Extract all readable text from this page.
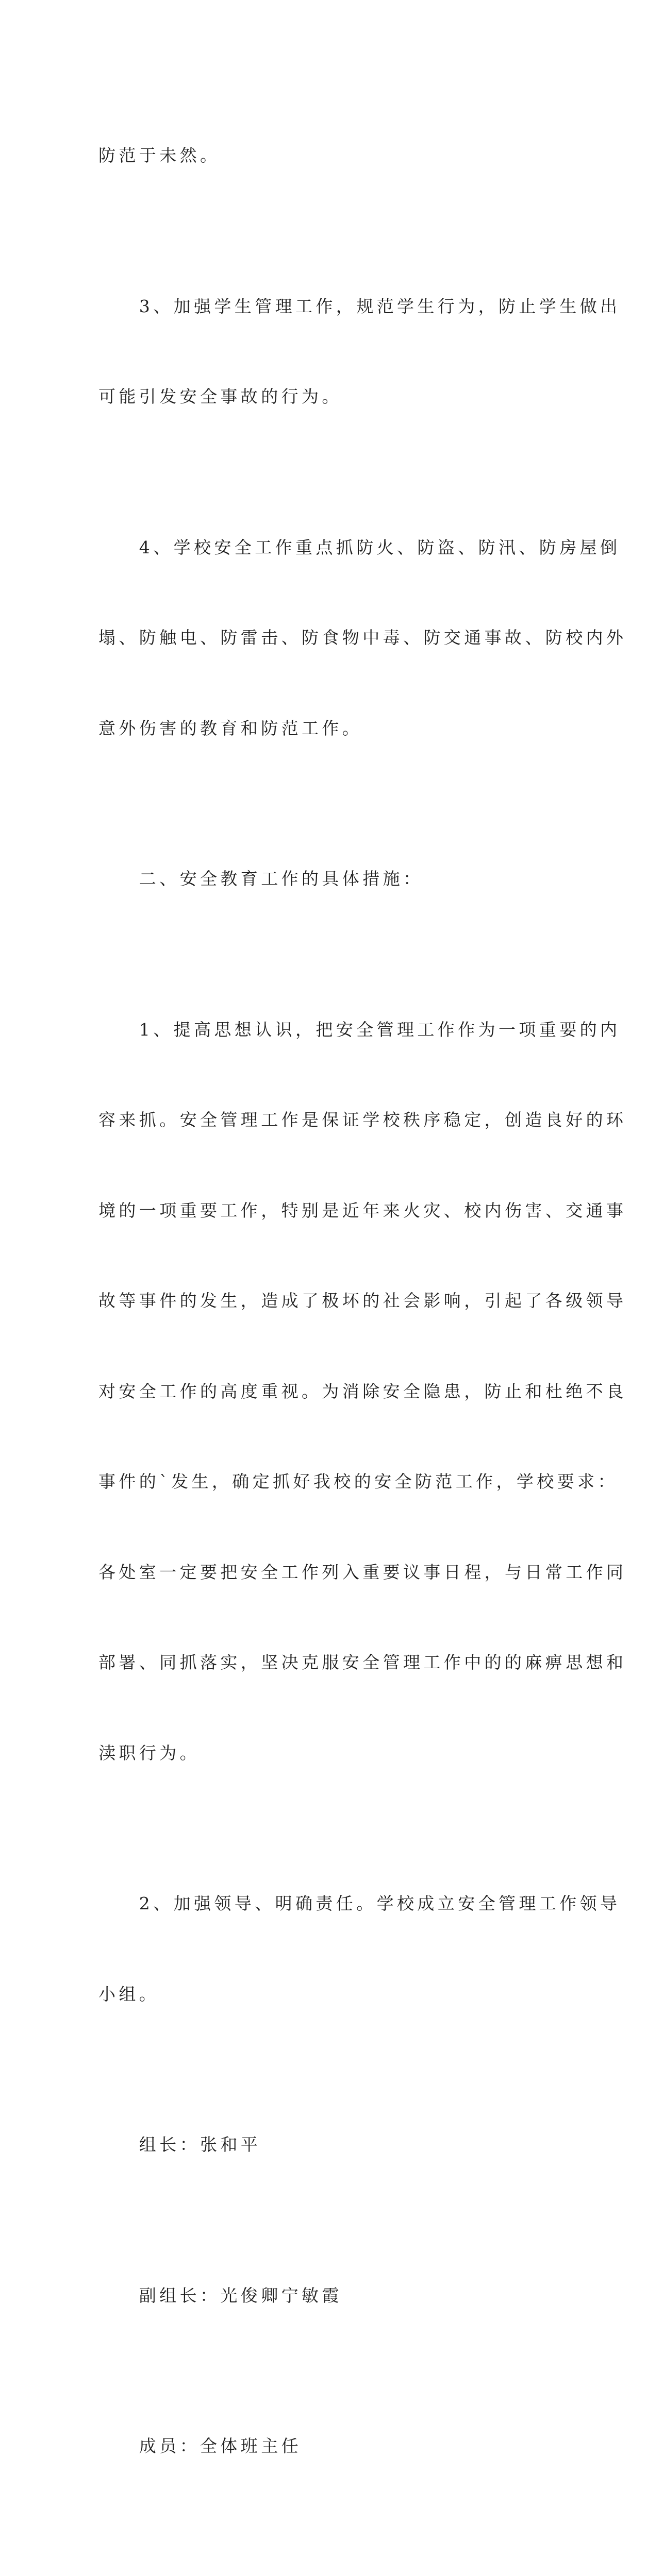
防范于未然。

　　3、加强学生管理工作，规范学生行为，防止学生做出

可能引发安全事故的行为。

　　4、学校安全工作重点抓防火、防盗、防汛、防房屋倒

塌、防触电、防雷击、防食物中毒、防交通事故、防校内外

意外伤害的教育和防范工作。

　　二、安全教育工作的具体措施：

　　1、提高思想认识，把安全管理工作作为一项重要的内

容来抓。安全管理工作是保证学校秩序稳定，创造良好的环

境的一项重要工作，特别是近年来火灾、校内伤害、交通事

故等事件的发生，造成了极坏的社会影响，引起了各级领导

对安全工作的高度重视。为消除安全隐患，防止和杜绝不良

事件的`发生，确定抓好我校的安全防范工作，学校要求：

各处室一定要把安全工作列入重要议事日程，与日常工作同

部署、同抓落实，坚决克服安全管理工作中的的麻痹思想和

渎职行为。

　　2、加强领导、明确责任。学校成立安全管理工作领导

小组。

　　组长：张和平

　　副组长：光俊卿宁敏霞

　　成员：全体班主任
